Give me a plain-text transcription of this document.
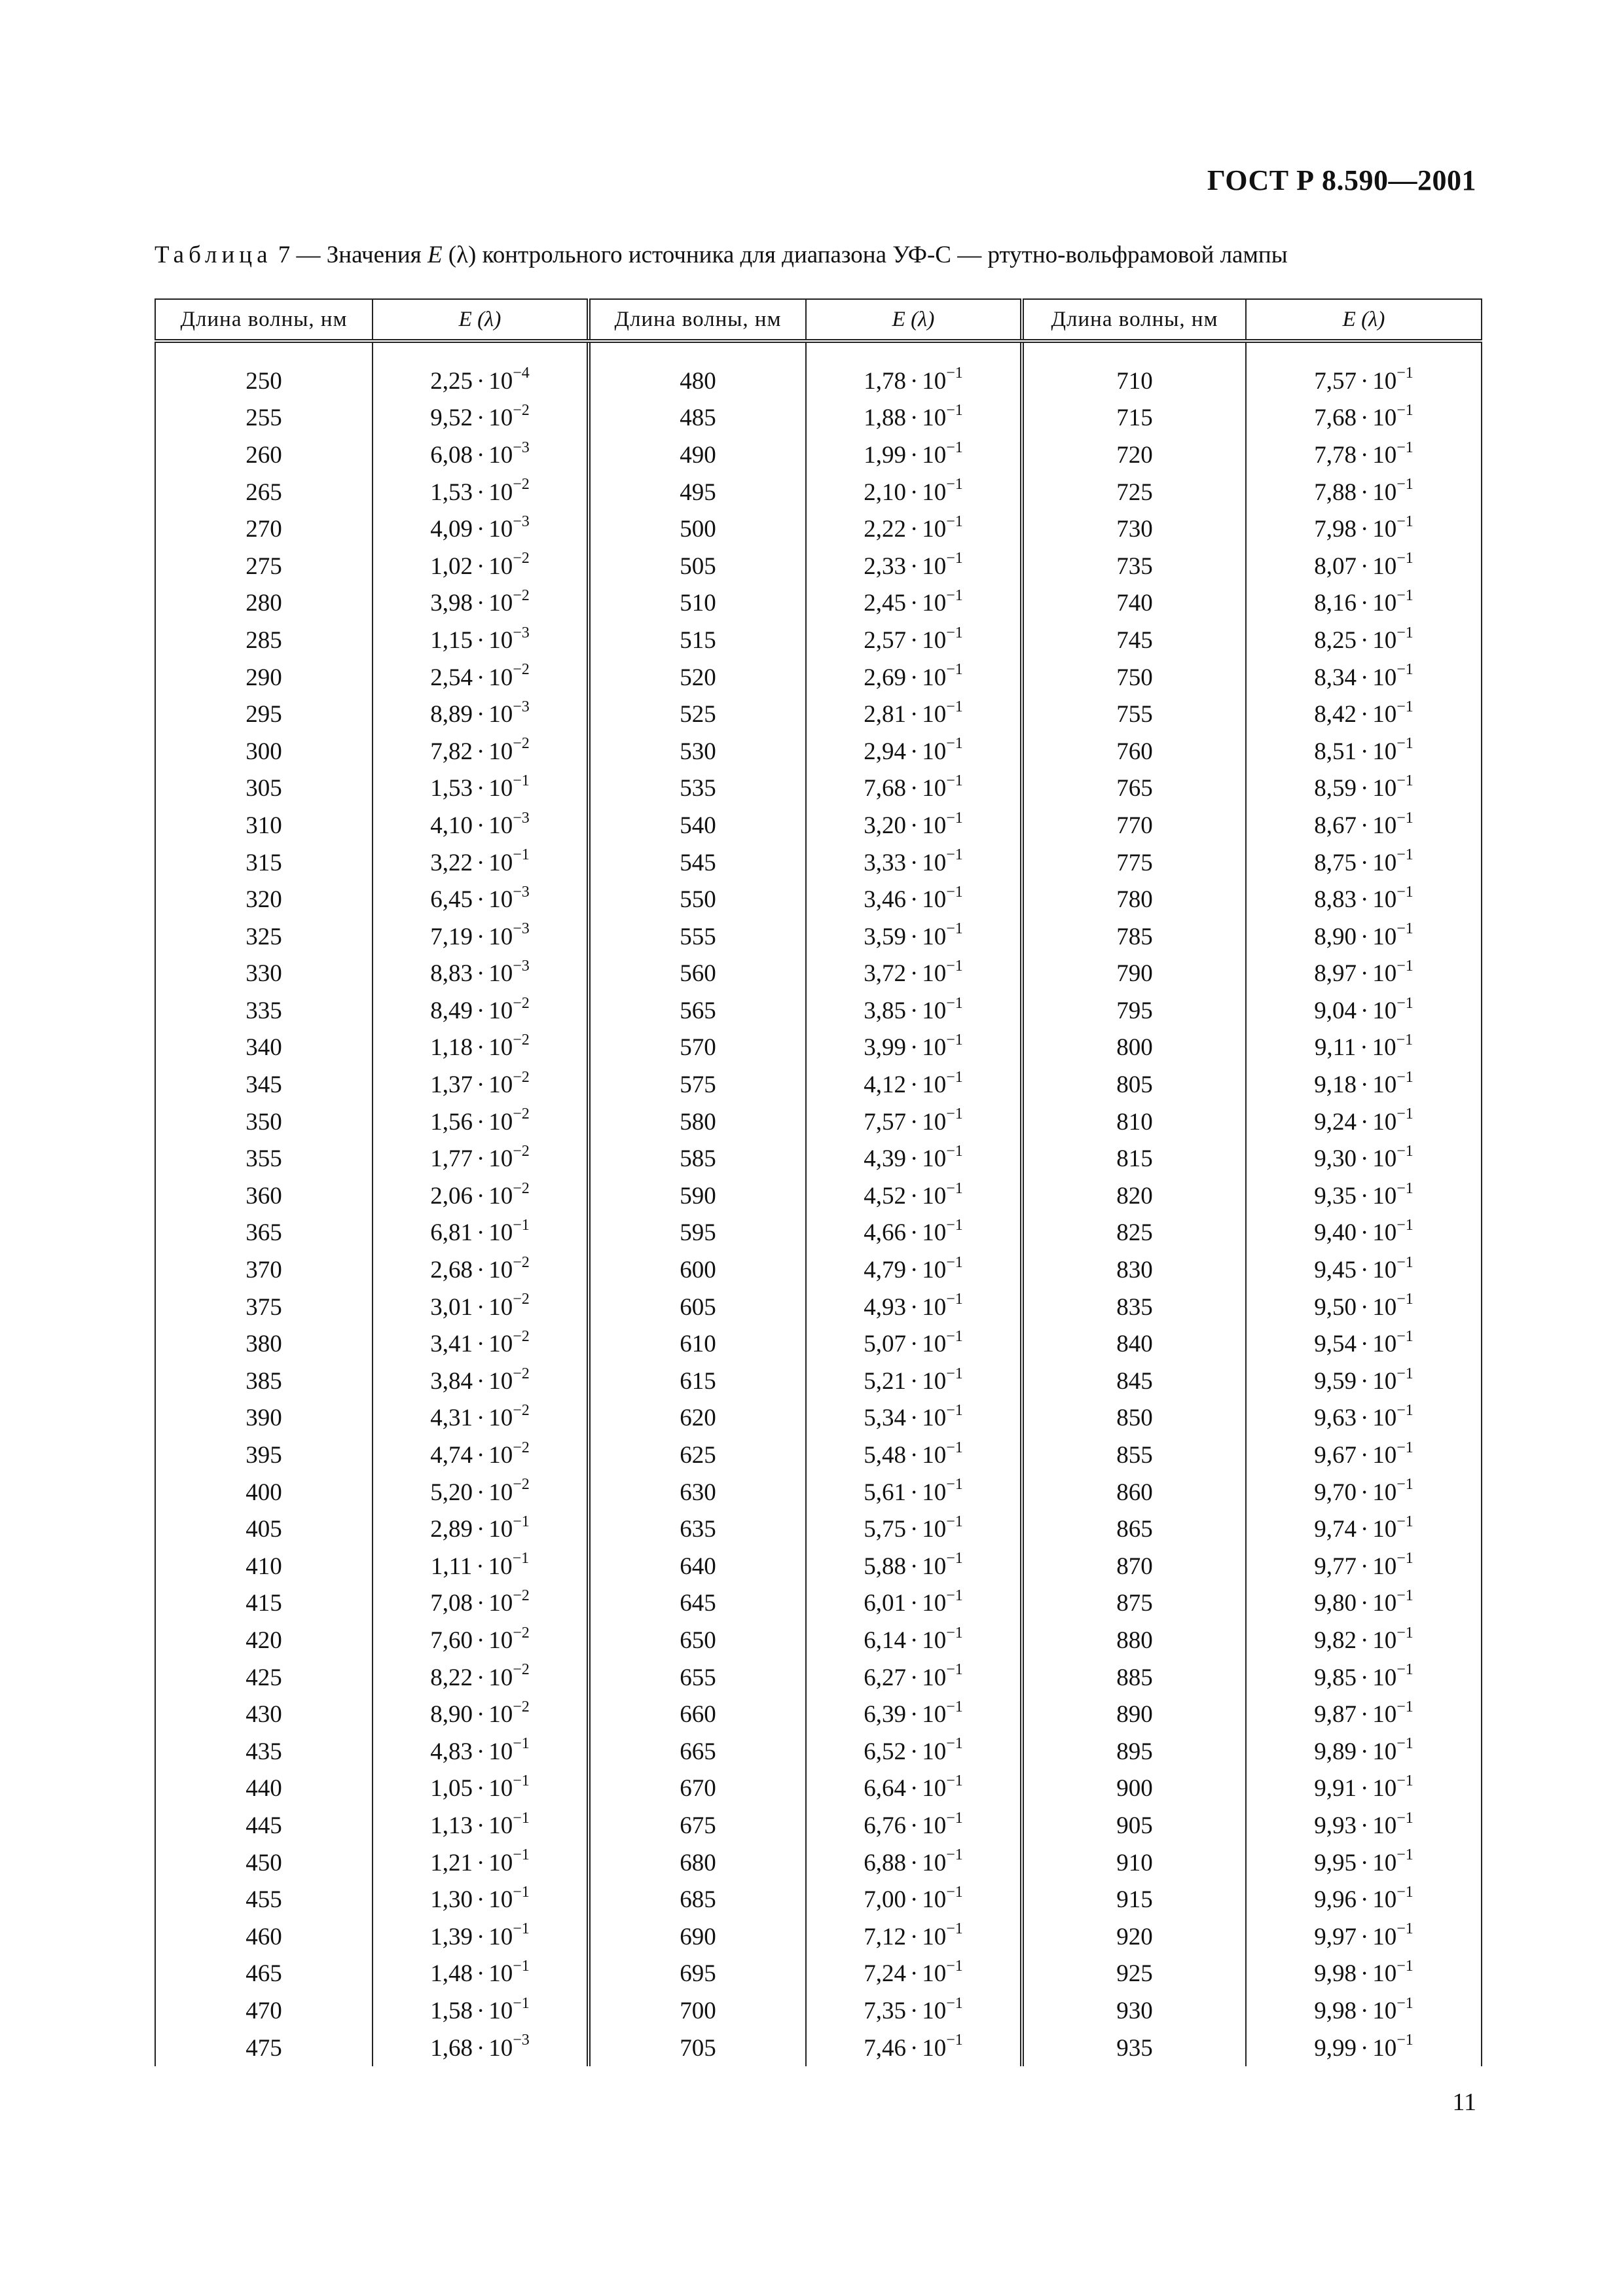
ГОСТ Р 8.590—2001
Таблица 7 — Значения E (λ) контрольного источника для диапазона УФ-С — ртутно-вольфрамовой лампы
Длина волны, нм	E (λ)	Длина волны, нм	E (λ)	Длина волны, нм	E (λ)

250	$2,25 \cdot 10^{-4}$	480	$1,78 \cdot 10^{-1}$	710	$7,57 \cdot 10^{-1}$
255	$9,52 \cdot 10^{-2}$	485	$1,88 \cdot 10^{-1}$	715	$7,68 \cdot 10^{-1}$
260	$6,08 \cdot 10^{-3}$	490	$1,99 \cdot 10^{-1}$	720	$7,78 \cdot 10^{-1}$
265	$1,53 \cdot 10^{-2}$	495	$2,10 \cdot 10^{-1}$	725	$7,88 \cdot 10^{-1}$
270	$4,09 \cdot 10^{-3}$	500	$2,22 \cdot 10^{-1}$	730	$7,98 \cdot 10^{-1}$
275	$1,02 \cdot 10^{-2}$	505	$2,33 \cdot 10^{-1}$	735	$8,07 \cdot 10^{-1}$
280	$3,98 \cdot 10^{-2}$	510	$2,45 \cdot 10^{-1}$	740	$8,16 \cdot 10^{-1}$
285	$1,15 \cdot 10^{-3}$	515	$2,57 \cdot 10^{-1}$	745	$8,25 \cdot 10^{-1}$
290	$2,54 \cdot 10^{-2}$	520	$2,69 \cdot 10^{-1}$	750	$8,34 \cdot 10^{-1}$
295	$8,89 \cdot 10^{-3}$	525	$2,81 \cdot 10^{-1}$	755	$8,42 \cdot 10^{-1}$
300	$7,82 \cdot 10^{-2}$	530	$2,94 \cdot 10^{-1}$	760	$8,51 \cdot 10^{-1}$
305	$1,53 \cdot 10^{-1}$	535	$7,68 \cdot 10^{-1}$	765	$8,59 \cdot 10^{-1}$
310	$4,10 \cdot 10^{-3}$	540	$3,20 \cdot 10^{-1}$	770	$8,67 \cdot 10^{-1}$
315	$3,22 \cdot 10^{-1}$	545	$3,33 \cdot 10^{-1}$	775	$8,75 \cdot 10^{-1}$
320	$6,45 \cdot 10^{-3}$	550	$3,46 \cdot 10^{-1}$	780	$8,83 \cdot 10^{-1}$
325	$7,19 \cdot 10^{-3}$	555	$3,59 \cdot 10^{-1}$	785	$8,90 \cdot 10^{-1}$
330	$8,83 \cdot 10^{-3}$	560	$3,72 \cdot 10^{-1}$	790	$8,97 \cdot 10^{-1}$
335	$8,49 \cdot 10^{-2}$	565	$3,85 \cdot 10^{-1}$	795	$9,04 \cdot 10^{-1}$
340	$1,18 \cdot 10^{-2}$	570	$3,99 \cdot 10^{-1}$	800	$9,11 \cdot 10^{-1}$
345	$1,37 \cdot 10^{-2}$	575	$4,12 \cdot 10^{-1}$	805	$9,18 \cdot 10^{-1}$
350	$1,56 \cdot 10^{-2}$	580	$7,57 \cdot 10^{-1}$	810	$9,24 \cdot 10^{-1}$
355	$1,77 \cdot 10^{-2}$	585	$4,39 \cdot 10^{-1}$	815	$9,30 \cdot 10^{-1}$
360	$2,06 \cdot 10^{-2}$	590	$4,52 \cdot 10^{-1}$	820	$9,35 \cdot 10^{-1}$
365	$6,81 \cdot 10^{-1}$	595	$4,66 \cdot 10^{-1}$	825	$9,40 \cdot 10^{-1}$
370	$2,68 \cdot 10^{-2}$	600	$4,79 \cdot 10^{-1}$	830	$9,45 \cdot 10^{-1}$
375	$3,01 \cdot 10^{-2}$	605	$4,93 \cdot 10^{-1}$	835	$9,50 \cdot 10^{-1}$
380	$3,41 \cdot 10^{-2}$	610	$5,07 \cdot 10^{-1}$	840	$9,54 \cdot 10^{-1}$
385	$3,84 \cdot 10^{-2}$	615	$5,21 \cdot 10^{-1}$	845	$9,59 \cdot 10^{-1}$
390	$4,31 \cdot 10^{-2}$	620	$5,34 \cdot 10^{-1}$	850	$9,63 \cdot 10^{-1}$
395	$4,74 \cdot 10^{-2}$	625	$5,48 \cdot 10^{-1}$	855	$9,67 \cdot 10^{-1}$
400	$5,20 \cdot 10^{-2}$	630	$5,61 \cdot 10^{-1}$	860	$9,70 \cdot 10^{-1}$
405	$2,89 \cdot 10^{-1}$	635	$5,75 \cdot 10^{-1}$	865	$9,74 \cdot 10^{-1}$
410	$1,11 \cdot 10^{-1}$	640	$5,88 \cdot 10^{-1}$	870	$9,77 \cdot 10^{-1}$
415	$7,08 \cdot 10^{-2}$	645	$6,01 \cdot 10^{-1}$	875	$9,80 \cdot 10^{-1}$
420	$7,60 \cdot 10^{-2}$	650	$6,14 \cdot 10^{-1}$	880	$9,82 \cdot 10^{-1}$
425	$8,22 \cdot 10^{-2}$	655	$6,27 \cdot 10^{-1}$	885	$9,85 \cdot 10^{-1}$
430	$8,90 \cdot 10^{-2}$	660	$6,39 \cdot 10^{-1}$	890	$9,87 \cdot 10^{-1}$
435	$4,83 \cdot 10^{-1}$	665	$6,52 \cdot 10^{-1}$	895	$9,89 \cdot 10^{-1}$
440	$1,05 \cdot 10^{-1}$	670	$6,64 \cdot 10^{-1}$	900	$9,91 \cdot 10^{-1}$
445	$1,13 \cdot 10^{-1}$	675	$6,76 \cdot 10^{-1}$	905	$9,93 \cdot 10^{-1}$
450	$1,21 \cdot 10^{-1}$	680	$6,88 \cdot 10^{-1}$	910	$9,95 \cdot 10^{-1}$
455	$1,30 \cdot 10^{-1}$	685	$7,00 \cdot 10^{-1}$	915	$9,96 \cdot 10^{-1}$
460	$1,39 \cdot 10^{-1}$	690	$7,12 \cdot 10^{-1}$	920	$9,97 \cdot 10^{-1}$
465	$1,48 \cdot 10^{-1}$	695	$7,24 \cdot 10^{-1}$	925	$9,98 \cdot 10^{-1}$
470	$1,58 \cdot 10^{-1}$	700	$7,35 \cdot 10^{-1}$	930	$9,98 \cdot 10^{-1}$
475	$1,68 \cdot 10^{-3}$	705	$7,46 \cdot 10^{-1}$	935	$9,99 \cdot 10^{-1}$
11
